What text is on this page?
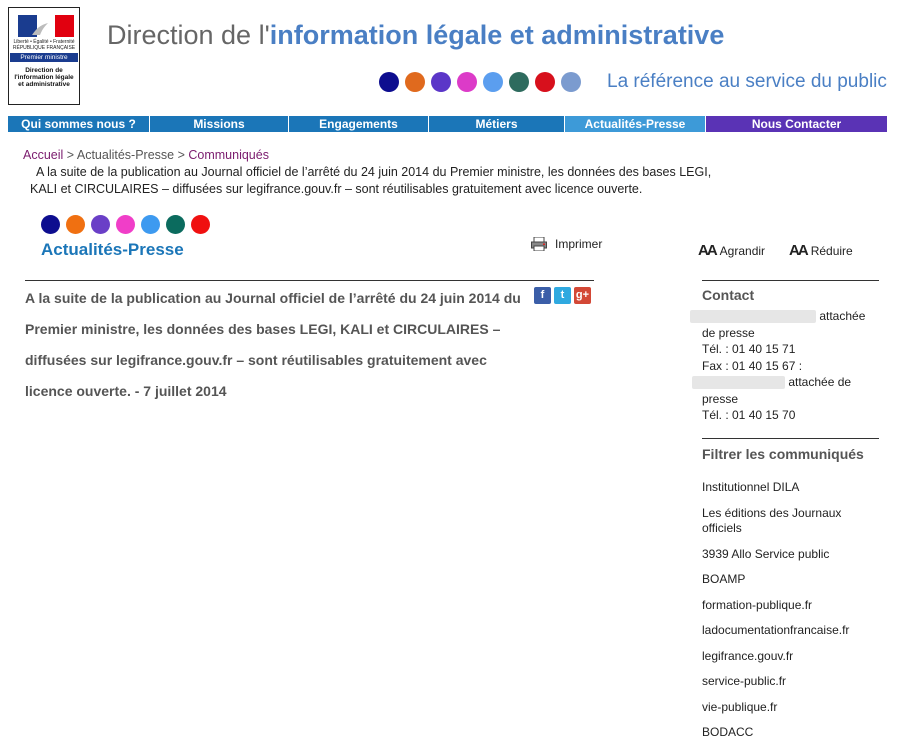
Liberté • Égalité • Fraternité RÉPUBLIQUE FRANÇAISE
Premier ministre
Direction de l'information légale et administrative
Direction de l'information légale et administrative
La référence au service du public
Qui sommes nous ?	Missions	Engagements	Métiers	Actualités-Presse	Nous Contacter
Accueil > Actualités-Presse > Communiqués
A la suite de la publication au Journal officiel de l’arrêté du 24 juin 2014 du Premier ministre, les données des bases LEGI,
KALI et CIRCULAIRES – diffusées sur legifrance.gouv.fr – sont réutilisables gratuitement avec licence ouverte.
Actualités-Presse	Imprimer
A la suite de la publication au Journal officiel de l’arrêté du 24 juin 2014 du Premier ministre, les données des bases LEGI, KALI et CIRCULAIRES – diffusées sur legifrance.gouv.fr – sont réutilisables gratuitement avec licence ouverte. - 7 juillet 2014
f	t	g+
AA Agrandir AA Réduire
Contact
attachée
de presse
Tél. : 01 40 15 71
Fax : 01 40 15 67 :
attachée de
presse
Tél. : 01 40 15 70
Filtrer les communiqués
Institutionnel DILA
Les éditions des Journaux officiels
3939 Allo Service public
BOAMP
formation-publique.fr
ladocumentationfrancaise.fr
legifrance.gouv.fr
service-public.fr
vie-publique.fr
BODACC
